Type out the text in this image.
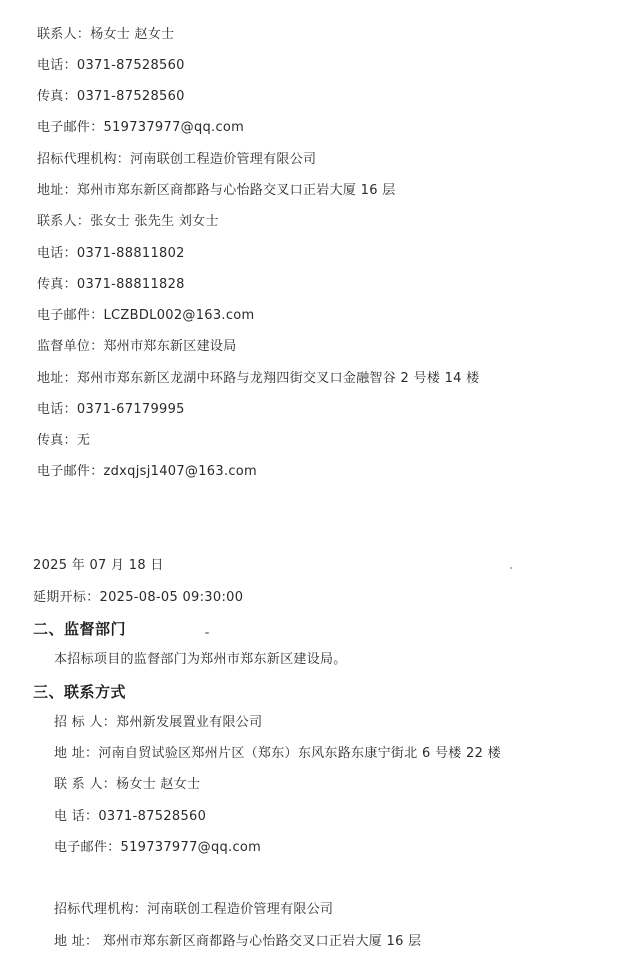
联系人：杨女士 赵女士
电话：0371-87528560
传真：0371-87528560
电子邮件：519737977@qq.com
招标代理机构：河南联创工程造价管理有限公司
地址：郑州市郑东新区商都路与心怡路交叉口正岩大厦 16 层
联系人：张女士 张先生 刘女士
电话：0371-88811802
传真：0371-88811828
电子邮件：LCZBDL002@163.com
监督单位：郑州市郑东新区建设局
地址：郑州市郑东新区龙湖中环路与龙翔四街交叉口金融智谷 2 号楼 14 楼
电话：0371-67179995
传真：无
电子邮件：zdxqjsj1407@163.com
2025 年 07 月 18 日
延期开标：2025-08-05 09:30:00
二、监督部门
本招标项目的监督部门为郑州市郑东新区建设局。
三、联系方式
招 标 人：郑州新发展置业有限公司
地 址：河南自贸试验区郑州片区（郑东）东风东路东康宁街北 6 号楼 22 楼
联 系 人：杨女士 赵女士
电 话：0371-87528560
电子邮件：519737977@qq.com
招标代理机构：河南联创工程造价管理有限公司
地 址： 郑州市郑东新区商都路与心怡路交叉口正岩大厦 16 层
